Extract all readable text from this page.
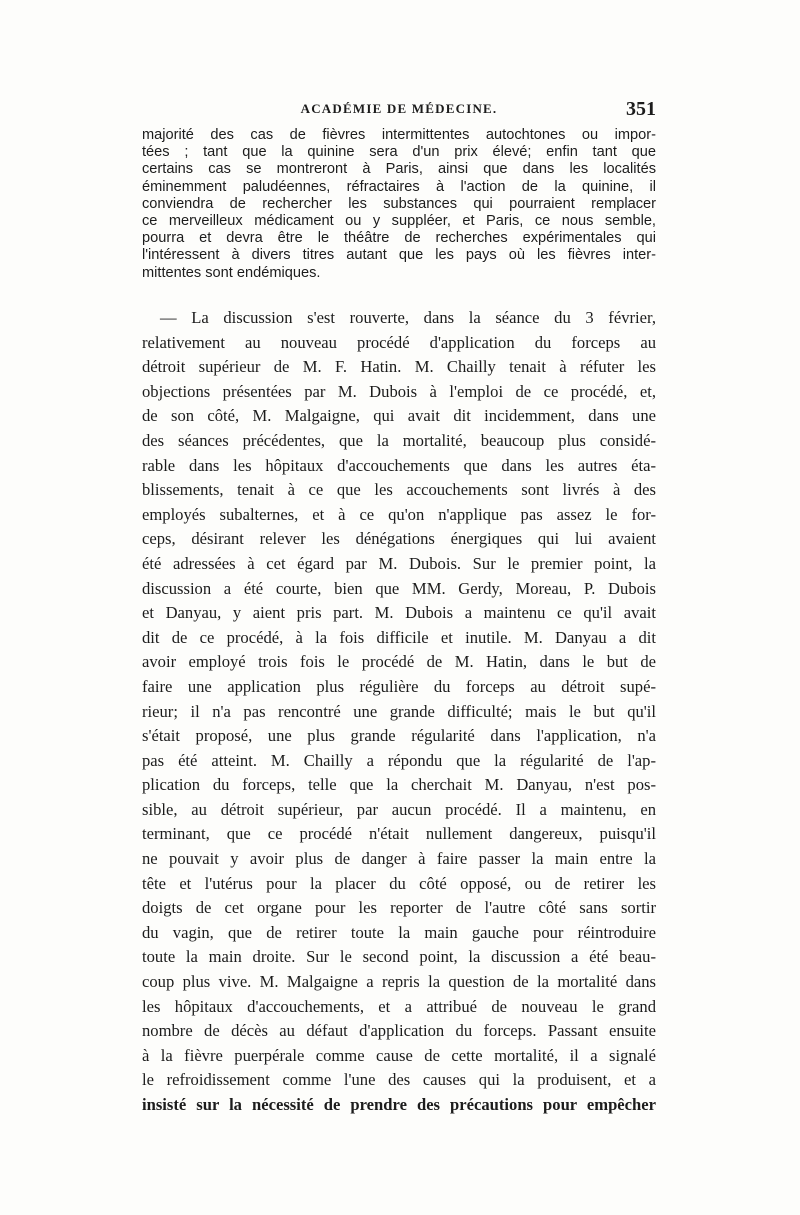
ACADÉMIE DE MÉDECINE.	351
majorité des cas de fièvres intermittentes autochtones ou impor-
tées ; tant que la quinine sera d'un prix élevé; enfin tant que
certains cas se montreront à Paris, ainsi que dans les localités
éminemment paludéennes, réfractaires à l'action de la quinine, il
conviendra de rechercher les substances qui pourraient remplacer
ce merveilleux médicament ou y suppléer, et Paris, ce nous semble,
pourra et devra être le théâtre de recherches expérimentales qui
l'intéressent à divers titres autant que les pays où les fièvres inter-
mittentes sont endémiques.
— La discussion s'est rouverte, dans la séance du 3 février,
relativement au nouveau procédé d'application du forceps au
détroit supérieur de M. F. Hatin. M. Chailly tenait à réfuter les
objections présentées par M. Dubois à l'emploi de ce procédé, et,
de son côté, M. Malgaigne, qui avait dit incidemment, dans une
des séances précédentes, que la mortalité, beaucoup plus considé-
rable dans les hôpitaux d'accouchements que dans les autres éta-
blissements, tenait à ce que les accouchements sont livrés à des
employés subalternes, et à ce qu'on n'applique pas assez le for-
ceps, désirant relever les dénégations énergiques qui lui avaient
été adressées à cet égard par M. Dubois. Sur le premier point, la
discussion a été courte, bien que MM. Gerdy, Moreau, P. Dubois
et Danyau, y aient pris part. M. Dubois a maintenu ce qu'il avait
dit de ce procédé, à la fois difficile et inutile. M. Danyau a dit
avoir employé trois fois le procédé de M. Hatin, dans le but de
faire une application plus régulière du forceps au détroit supé-
rieur; il n'a pas rencontré une grande difficulté; mais le but qu'il
s'était proposé, une plus grande régularité dans l'application, n'a
pas été atteint. M. Chailly a répondu que la régularité de l'ap-
plication du forceps, telle que la cherchait M. Danyau, n'est pos-
sible, au détroit supérieur, par aucun procédé. Il a maintenu, en
terminant, que ce procédé n'était nullement dangereux, puisqu'il
ne pouvait y avoir plus de danger à faire passer la main entre la
tête et l'utérus pour la placer du côté opposé, ou de retirer les
doigts de cet organe pour les reporter de l'autre côté sans sortir
du vagin, que de retirer toute la main gauche pour réintroduire
toute la main droite. Sur le second point, la discussion a été beau-
coup plus vive. M. Malgaigne a repris la question de la mortalité dans
les hôpitaux d'accouchements, et a attribué de nouveau le grand
nombre de décès au défaut d'application du forceps. Passant ensuite
à la fièvre puerpérale comme cause de cette mortalité, il a signalé
le refroidissement comme l'une des causes qui la produisent, et a
insisté sur la nécessité de prendre des précautions pour empêcher
